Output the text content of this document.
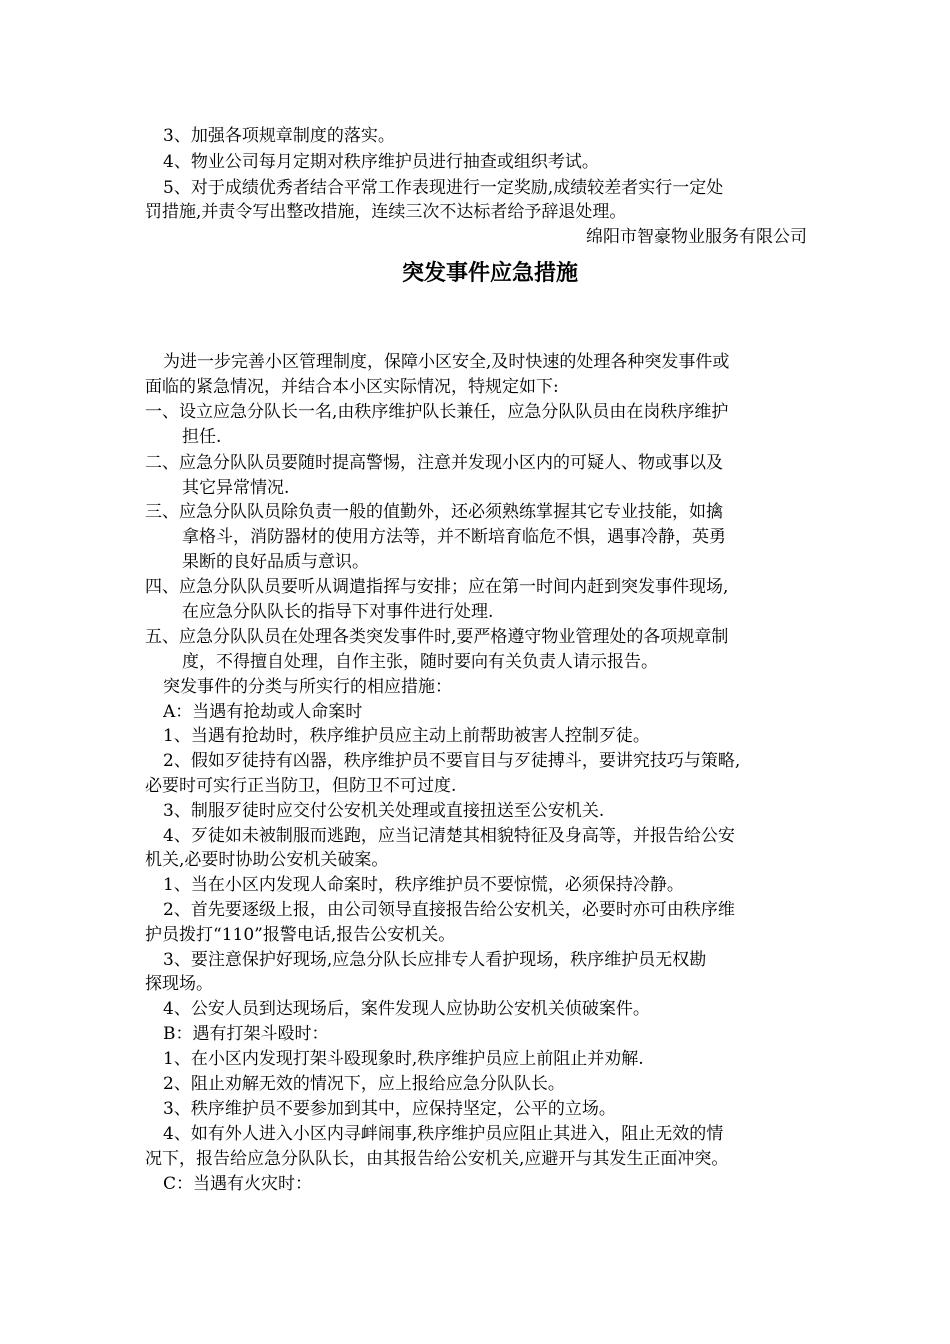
3、加强各项规章制度的落实。
4、物业公司每月定期对秩序维护员进行抽查或组织考试。
5、对于成绩优秀者结合平常工作表现进行一定奖励,成绩较差者实行一定处
罚措施,并责令写出整改措施，连续三次不达标者给予辞退处理。
绵阳市智豪物业服务有限公司
突发事件应急措施
为进一步完善小区管理制度，保障小区安全,及时快速的处理各种突发事件或
面临的紧急情况，并结合本小区实际情况，特规定如下:
一、设立应急分队长一名,由秩序维护队长兼任，应急分队队员由在岗秩序维护
担任.
二、应急分队队员要随时提高警惕，注意并发现小区内的可疑人、物或事以及
其它异常情况.
三、应急分队队员除负责一般的值勤外，还必须熟练掌握其它专业技能，如擒
拿格斗，消防器材的使用方法等，并不断培育临危不惧，遇事冷静，英勇
果断的良好品质与意识。
四、应急分队队员要听从调遣指挥与安排；应在第一时间内赶到突发事件现场,
在应急分队队长的指导下对事件进行处理.
五、应急分队队员在处理各类突发事件时,要严格遵守物业管理处的各项规章制
度，不得擅自处理，自作主张，随时要向有关负责人请示报告。
突发事件的分类与所实行的相应措施：
A：当遇有抢劫或人命案时
1、当遇有抢劫时，秩序维护员应主动上前帮助被害人控制歹徒。
2、假如歹徒持有凶器，秩序维护员不要盲目与歹徒搏斗，要讲究技巧与策略,
必要时可实行正当防卫，但防卫不可过度.
3、制服歹徒时应交付公安机关处理或直接扭送至公安机关.
4、歹徒如未被制服而逃跑，应当记清楚其相貌特征及身高等，并报告给公安
机关,必要时协助公安机关破案。
1、当在小区内发现人命案时，秩序维护员不要惊慌，必须保持冷静。
2、首先要逐级上报，由公司领导直接报告给公安机关，必要时亦可由秩序维
护员拨打“110”报警电话,报告公安机关。
3、要注意保护好现场,应急分队长应排专人看护现场，秩序维护员无权勘
探现场。
4、公安人员到达现场后，案件发现人应协助公安机关侦破案件。
B：遇有打架斗殴时：
1、在小区内发现打架斗殴现象时,秩序维护员应上前阻止并劝解.
2、阻止劝解无效的情况下，应上报给应急分队队长。
3、秩序维护员不要参加到其中，应保持坚定，公平的立场。
4、如有外人进入小区内寻衅闹事,秩序维护员应阻止其进入，阻止无效的情
况下，报告给应急分队队长，由其报告给公安机关,应避开与其发生正面冲突。
C：当遇有火灾时：
